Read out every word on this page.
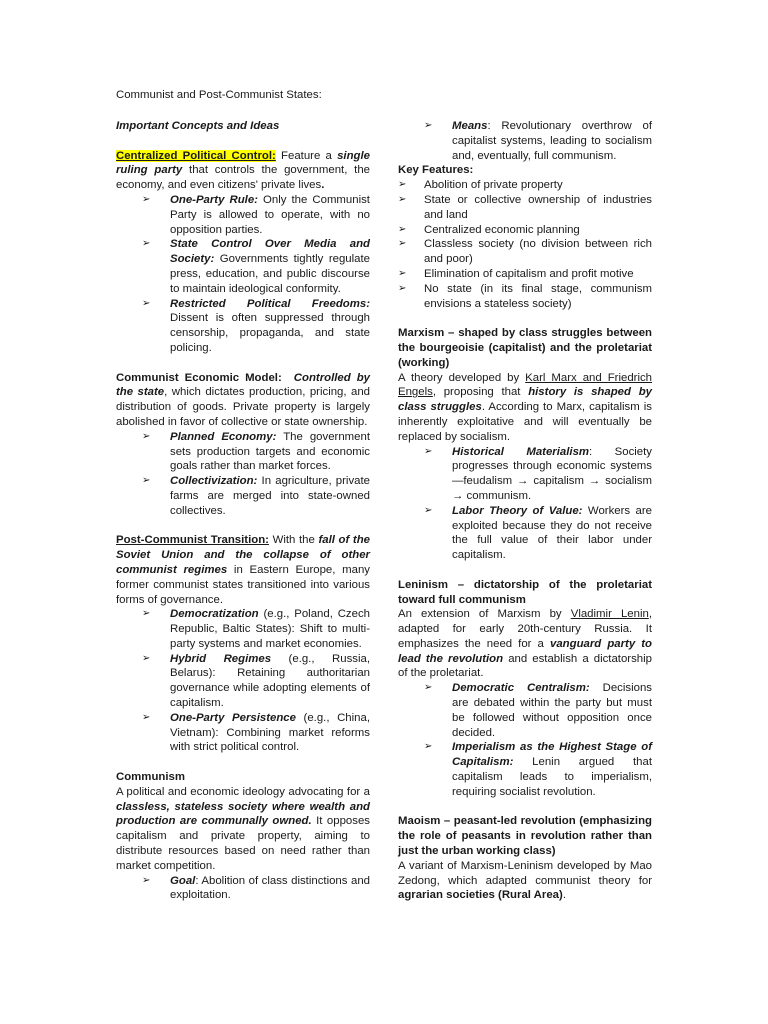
Communist and Post-Communist States:

Important Concepts and Ideas

Centralized Political Control: Feature a single ruling party that controls the government, the economy, and even citizens' private lives.

➢ One-Party Rule: Only the Communist Party is allowed to operate, with no opposition parties.
➢ State Control Over Media and Society: Governments tightly regulate press, education, and public discourse to maintain ideological conformity.
➢ Restricted Political Freedoms: Dissent is often suppressed through censorship, propaganda, and state policing.

Communist Economic Model: Controlled by the state, which dictates production, pricing, and distribution of goods. Private property is largely abolished in favor of collective or state ownership.

➢ Planned Economy: The government sets production targets and economic goals rather than market forces.
➢ Collectivization: In agriculture, private farms are merged into state-owned collectives.

Post-Communist Transition: With the fall of the Soviet Union and the collapse of other communist regimes in Eastern Europe, many former communist states transitioned into various forms of governance.

➢ Democratization (e.g., Poland, Czech Republic, Baltic States): Shift to multi-party systems and market economies.
➢ Hybrid Regimes (e.g., Russia, Belarus): Retaining authoritarian governance while adopting elements of capitalism.
➢ One-Party Persistence (e.g., China, Vietnam): Combining market reforms with strict political control.

Communism

A political and economic ideology advocating for a classless, stateless society where wealth and production are communally owned. It opposes capitalism and private property, aiming to distribute resources based on need rather than market competition.

➢ Goal: Abolition of class distinctions and exploitation.
➢ Means: Revolutionary overthrow of capitalist systems, leading to socialism and, eventually, full communism.

Key Features:

➢ Abolition of private property
➢ State or collective ownership of industries and land
➢ Centralized economic planning
➢ Classless society (no division between rich and poor)
➢ Elimination of capitalism and profit motive
➢ No state (in its final stage, communism envisions a stateless society)

Marxism – shaped by class struggles between the bourgeoisie (capitalist) and the proletariat (working)

A theory developed by Karl Marx and Friedrich Engels, proposing that history is shaped by class struggles. According to Marx, capitalism is inherently exploitative and will eventually be replaced by socialism.

➢ Historical Materialism: Society progresses through economic systems—feudalism → capitalism → socialism → communism.
➢ Labor Theory of Value: Workers are exploited because they do not receive the full value of their labor under capitalism.

Leninism – dictatorship of the proletariat toward full communism

An extension of Marxism by Vladimir Lenin, adapted for early 20th-century Russia. It emphasizes the need for a vanguard party to lead the revolution and establish a dictatorship of the proletariat.

➢ Democratic Centralism: Decisions are debated within the party but must be followed without opposition once decided.
➢ Imperialism as the Highest Stage of Capitalism: Lenin argued that capitalism leads to imperialism, requiring socialist revolution.

Maoism – peasant-led revolution (emphasizing the role of peasants in revolution rather than just the urban working class)

A variant of Marxism-Leninism developed by Mao Zedong, which adapted communist theory for agrarian societies (Rural Area).
